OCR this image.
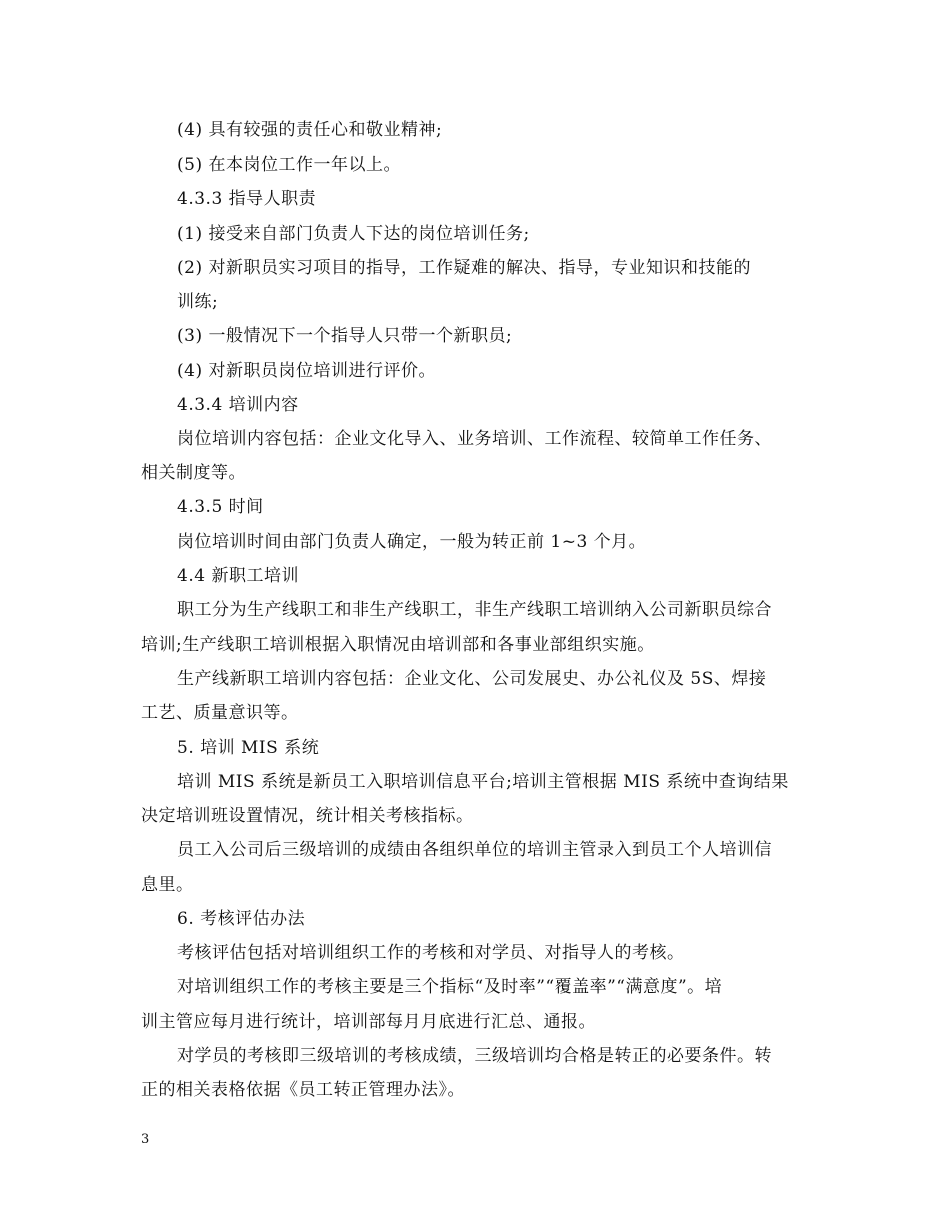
(4) 具有较强的责任心和敬业精神;
(5) 在本岗位工作一年以上。
4.3.3 指导人职责
(1) 接受来自部门负责人下达的岗位培训任务;
(2) 对新职员实习项目的指导，工作疑难的解决、指导，专业知识和技能的
训练;
(3) 一般情况下一个指导人只带一个新职员;
(4) 对新职员岗位培训进行评价。
4.3.4 培训内容
岗位培训内容包括：企业文化导入、业务培训、工作流程、较简单工作任务、
相关制度等。
4.3.5 时间
岗位培训时间由部门负责人确定，一般为转正前 1~3 个月。
4.4 新职工培训
职工分为生产线职工和非生产线职工，非生产线职工培训纳入公司新职员综合
培训;生产线职工培训根据入职情况由培训部和各事业部组织实施。
生产线新职工培训内容包括：企业文化、公司发展史、办公礼仪及 5S、焊接
工艺、质量意识等。
5. 培训 MIS 系统
培训 MIS 系统是新员工入职培训信息平台;培训主管根据 MIS 系统中查询结果
决定培训班设置情况，统计相关考核指标。
员工入公司后三级培训的成绩由各组织单位的培训主管录入到员工个人培训信
息里。
6. 考核评估办法
考核评估包括对培训组织工作的考核和对学员、对指导人的考核。
对培训组织工作的考核主要是三个指标“及时率”“覆盖率”“满意度”。培
训主管应每月进行统计，培训部每月月底进行汇总、通报。
对学员的考核即三级培训的考核成绩，三级培训均合格是转正的必要条件。转
正的相关表格依据《员工转正管理办法》。
3
